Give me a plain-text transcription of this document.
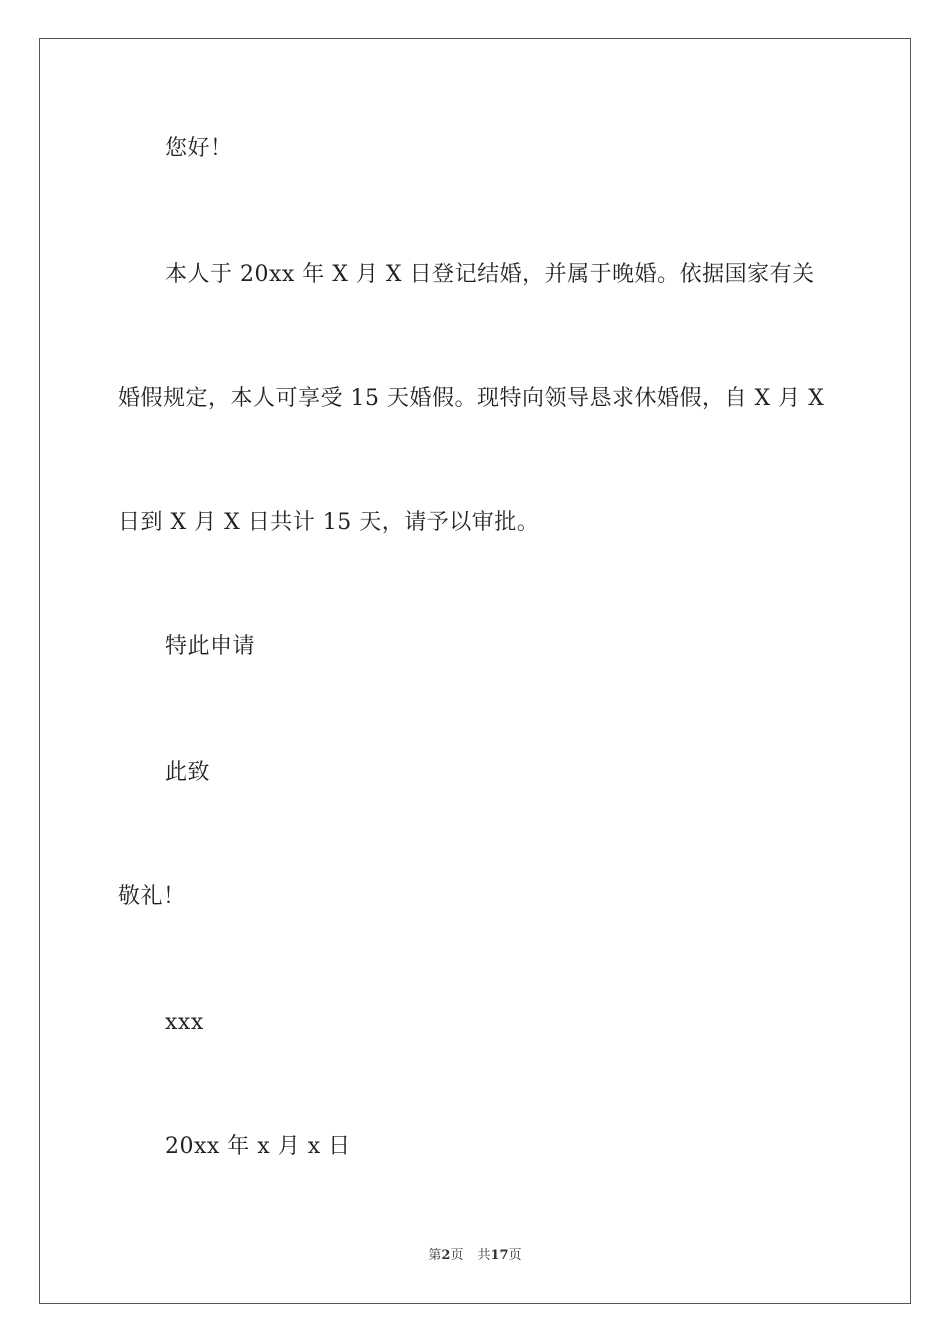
您好！
本人于 20xx 年 X 月 X 日登记结婚，并属于晚婚。依据国家有关
婚假规定，本人可享受 15 天婚假。现特向领导恳求休婚假，自 X 月 X
日到 X 月 X 日共计 15 天，请予以审批。
特此申请
此致
敬礼！
xxx
20xx 年 x 月 x 日
第2页 共17页
